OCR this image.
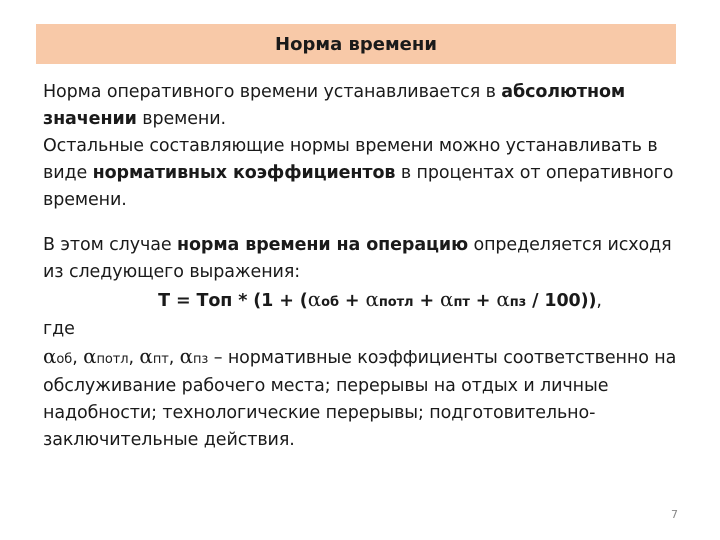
Норма времени

Норма оперативного времени устанавливается в абсолютном значении времени.

Остальные составляющие нормы времени можно устанавливать в виде нормативных коэффициентов в процентах от оперативного времени.

В этом случае норма времени на операцию определяется исходя из следующего выражения:

Т = Топ * (1 + (αоб + αпотл + αпт + αпз / 100)),

где

αоб, αпотл, αпт, αпз – нормативные коэффициенты соответственно на обслуживание рабочего места; перерывы на отдых и личные надобности; технологические перерывы; подготовительно-заключительные действия.

7
